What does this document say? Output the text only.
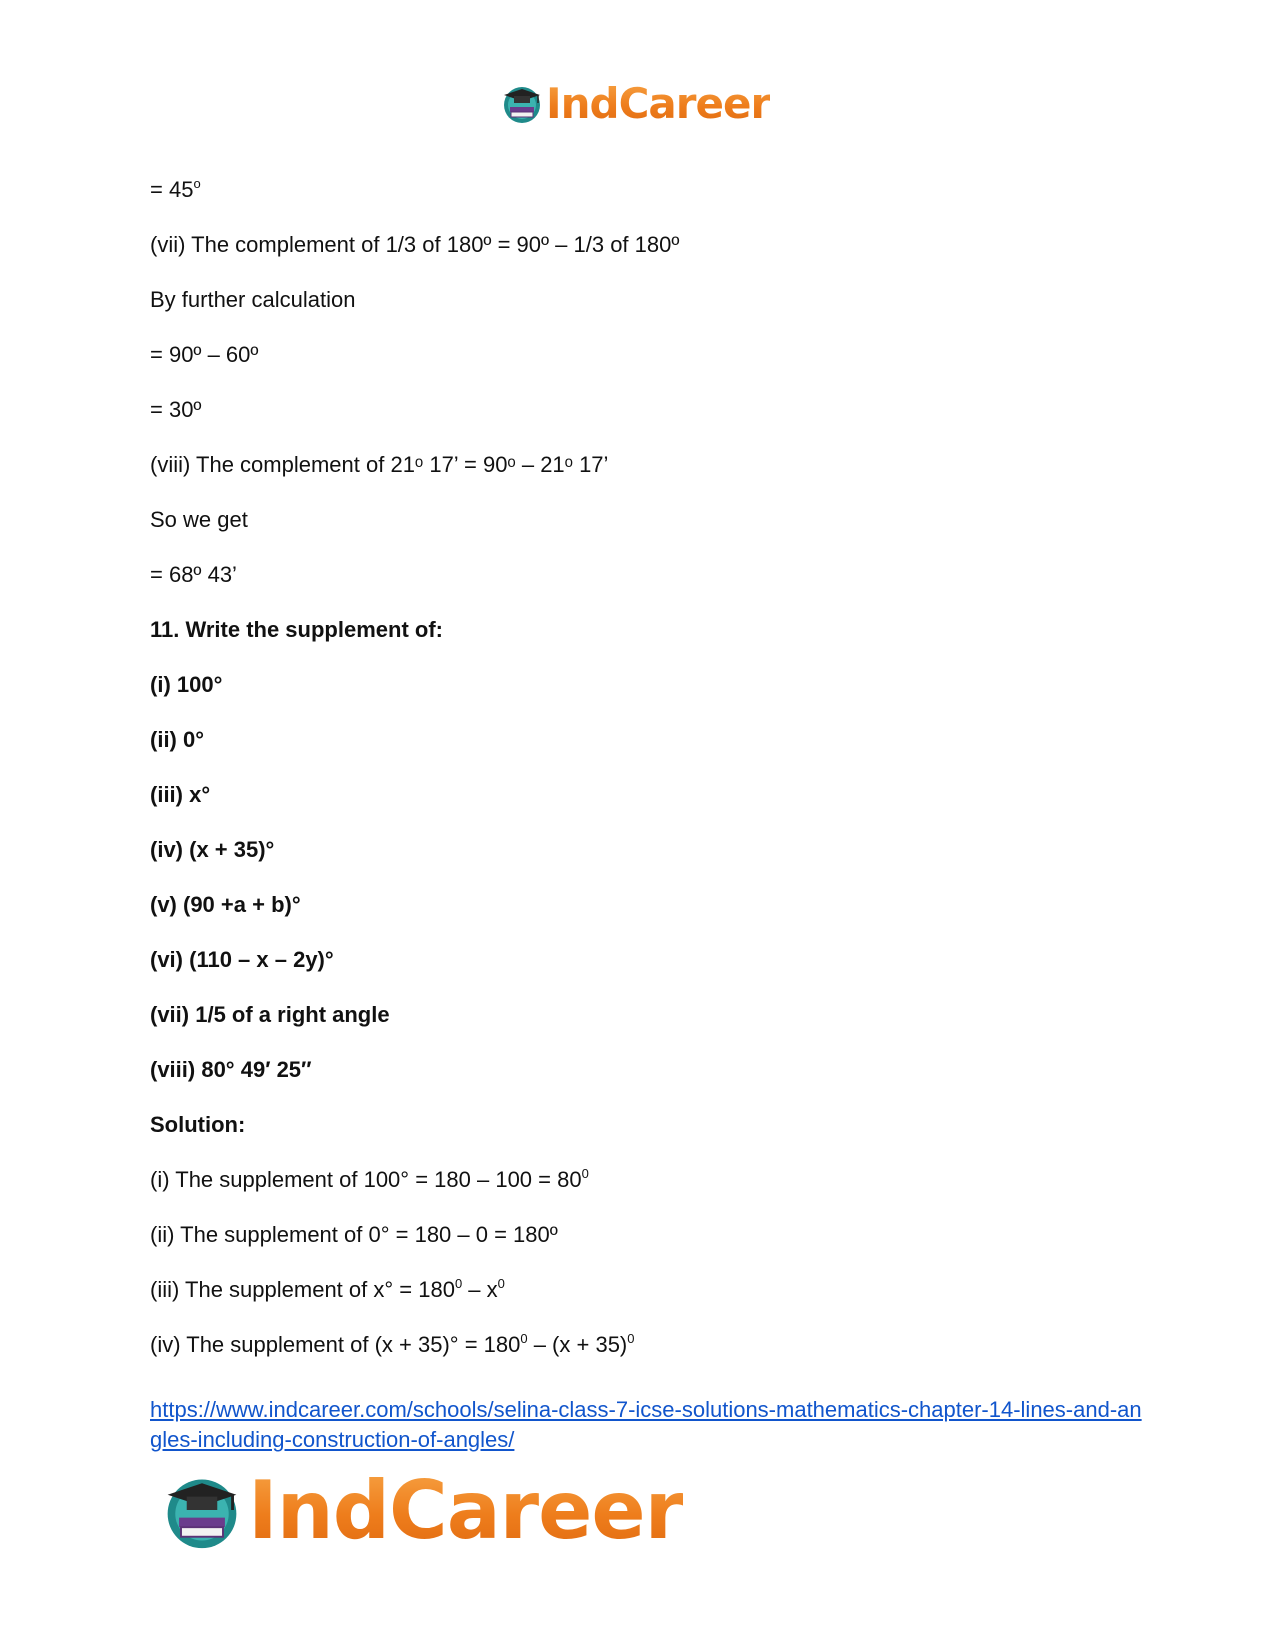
IndCareer
= $45^o$
(vii) The complement of 1/3 of 180º = 90º – 1/3 of 180º
By further calculation
= 90º – 60º
= 30º
(viii) The complement of 21ᵒ 17’ = 90ᵒ – 21ᵒ 17’
So we get
= 68º 43’
11. Write the supplement of:
(i) 100°
(ii) 0°
(iii) x°
(iv) (x + 35)°
(v) (90 +a + b)°
(vi) (110 – x – 2y)°
(vii) 1/5 of a right angle
(viii) 80° 49′ 25″
Solution:
(i) The supplement of $100^\circ = 180 - 100 = 80^0$
(ii) The supplement of 0° = 180 – 0 = 180º
(iii) The supplement of $x^\circ = 180^0 - x^0$
(iv) The supplement of $(x + 35)^\circ = 180^0 - (x + 35)^0$
https://www.indcareer.com/schools/selina-class-7-icse-solutions-mathematics-chapter-14-lines-and-angles-including-construction-of-angles/
IndCareer
